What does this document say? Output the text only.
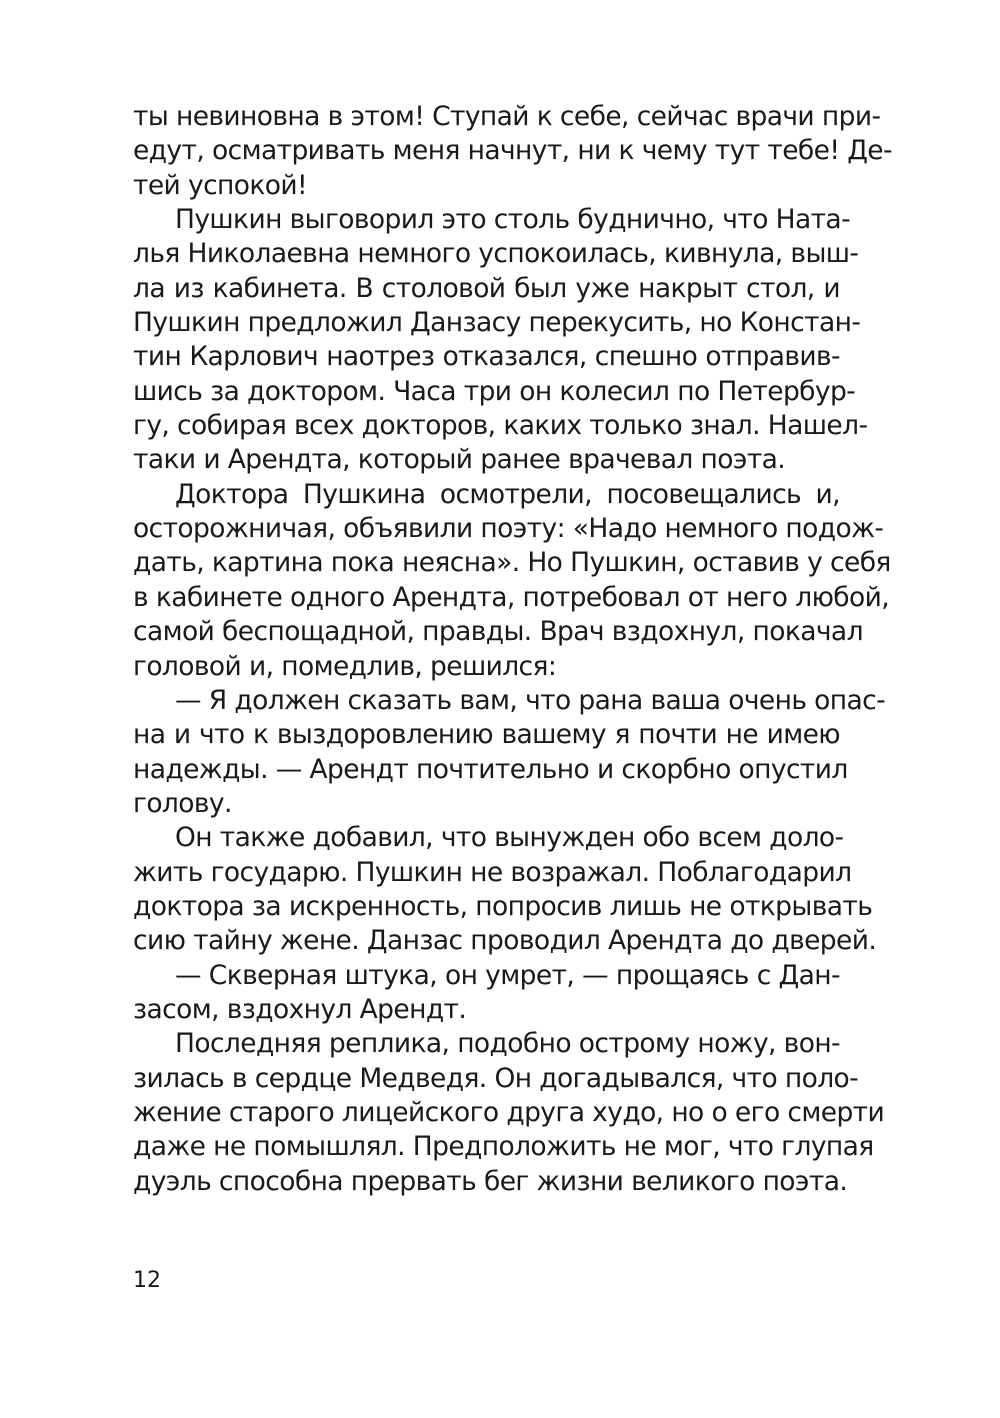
ты невиновна в этом! Ступай к себе, сейчас врачи при-
едут, осматривать меня начнут, ни к чему тут тебе! Де-
тей успокой!
Пушкин выговорил это столь буднично, что Ната-
лья Николаевна немного успокоилась, кивнула, выш-
ла из кабинета. В столовой был уже накрыт стол, и
Пушкин предложил Данзасу перекусить, но Констан-
тин Карлович наотрез отказался, спешно отправив-
шись за доктором. Часа три он колесил по Петербур-
гу, собирая всех докторов, каких только знал. Нашел-
таки и Арендта, который ранее врачевал поэта.
Доктора Пушкина осмотрели, посовещались и,
осторожничая, объявили поэту: «Надо немного подож-
дать, картина пока неясна». Но Пушкин, оставив у себя
в кабинете одного Арендта, потребовал от него любой,
самой беспощадной, правды. Врач вздохнул, покачал
головой и, помедлив, решился:
— Я должен сказать вам, что рана ваша очень опас-
на и что к выздоровлению вашему я почти не имею
надежды. — Арендт почтительно и скорбно опустил
голову.
Он также добавил, что вынужден обо всем доло-
жить государю. Пушкин не возражал. Поблагодарил
доктора за искренность, попросив лишь не открывать
сию тайну жене. Данзас проводил Арендта до дверей.
— Скверная штука, он умрет, — прощаясь с Дан-
засом, вздохнул Арендт.
Последняя реплика, подобно острому ножу, вон-
зилась в сердце Медведя. Он догадывался, что поло-
жение старого лицейского друга худо, но о его смерти
даже не помышлял. Предположить не мог, что глупая
дуэль способна прервать бег жизни великого поэта.
12
